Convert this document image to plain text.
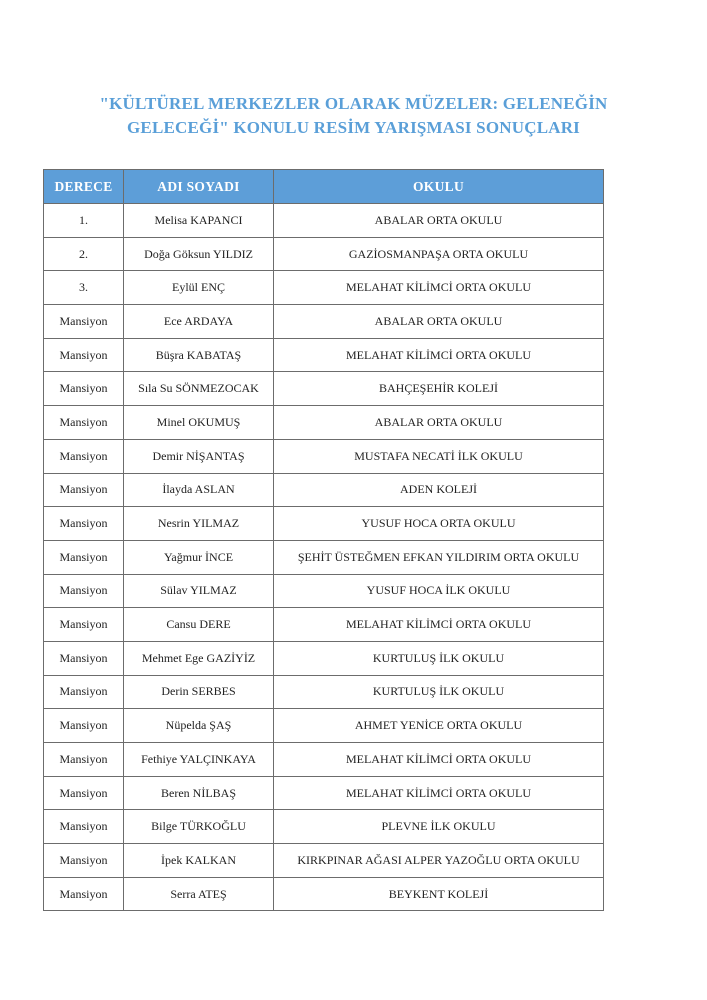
"KÜLTÜREL MERKEZLER OLARAK MÜZELER: GELENEĞİN
GELECEĞİ" KONULU RESİM YARIŞMASI SONUÇLARI
DERECE	ADI SOYADI	OKULU
1.	Melisa KAPANCI	ABALAR ORTA OKULU
2.	Doğa Göksun YILDIZ	GAZİOSMANPAŞA ORTA OKULU
3.	Eylül ENÇ	MELAHAT KİLİMCİ ORTA OKULU
Mansiyon	Ece ARDAYA	ABALAR ORTA OKULU
Mansiyon	Büşra KABATAŞ	MELAHAT KİLİMCİ ORTA OKULU
Mansiyon	Sıla Su SÖNMEZOCAK	BAHÇEŞEHİR KOLEJİ
Mansiyon	Minel OKUMUŞ	ABALAR ORTA OKULU
Mansiyon	Demir NİŞANTAŞ	MUSTAFA NECATİ İLK OKULU
Mansiyon	İlayda ASLAN	ADEN KOLEJİ
Mansiyon	Nesrin YILMAZ	YUSUF HOCA ORTA OKULU
Mansiyon	Yağmur İNCE	ŞEHİT ÜSTEĞMEN EFKAN YILDIRIM ORTA OKULU
Mansiyon	Sülav YILMAZ	YUSUF HOCA İLK OKULU
Mansiyon	Cansu DERE	MELAHAT KİLİMCİ ORTA OKULU
Mansiyon	Mehmet Ege GAZİYİZ	KURTULUŞ İLK OKULU
Mansiyon	Derin SERBES	KURTULUŞ İLK OKULU
Mansiyon	Nüpelda ŞAŞ	AHMET YENİCE ORTA OKULU
Mansiyon	Fethiye YALÇINKAYA	MELAHAT KİLİMCİ ORTA OKULU
Mansiyon	Beren NİLBAŞ	MELAHAT KİLİMCİ ORTA OKULU
Mansiyon	Bilge TÜRKOĞLU	PLEVNE İLK OKULU
Mansiyon	İpek KALKAN	KIRKPINAR AĞASI ALPER YAZOĞLU ORTA OKULU
Mansiyon	Serra ATEŞ	BEYKENT KOLEJİ
